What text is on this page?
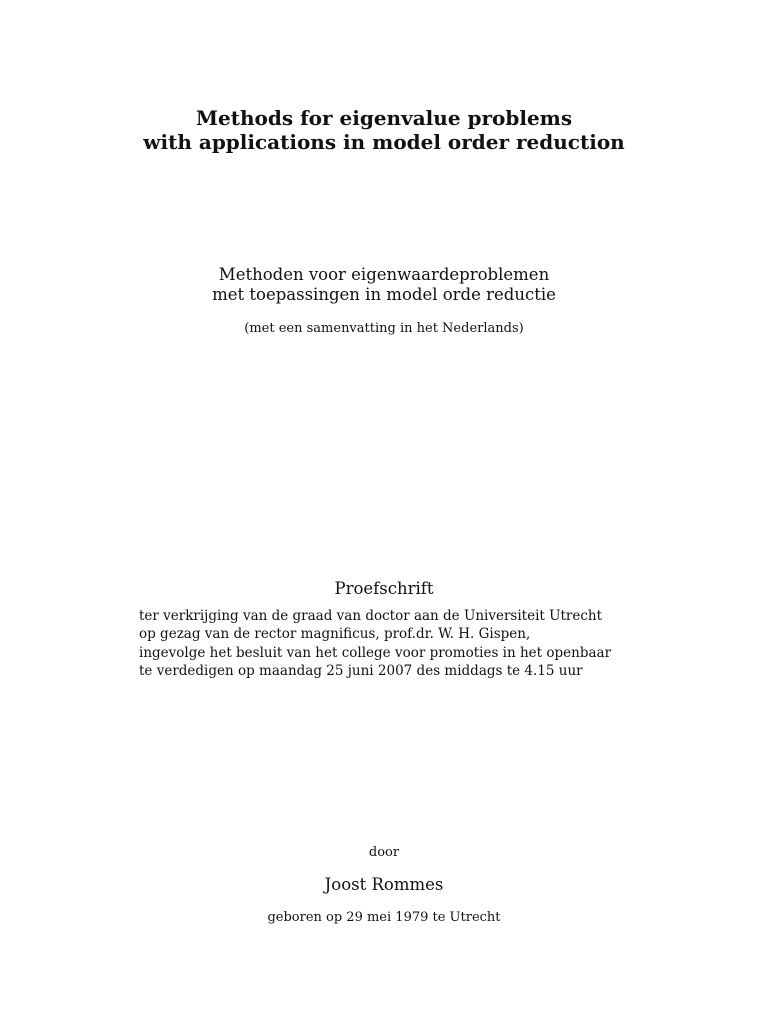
Methods for eigenvalue problems
with applications in model order reduction
Methoden voor eigenwaardeproblemen
met toepassingen in model orde reductie
(met een samenvatting in het Nederlands)
Proefschrift
ter verkrijging van de graad van doctor aan de Universiteit Utrecht
op gezag van de rector magnificus, prof.dr. W. H. Gispen,
ingevolge het besluit van het college voor promoties in het openbaar
te verdedigen op maandag 25 juni 2007 des middags te 4.15 uur
door
Joost Rommes
geboren op 29 mei 1979 te Utrecht
